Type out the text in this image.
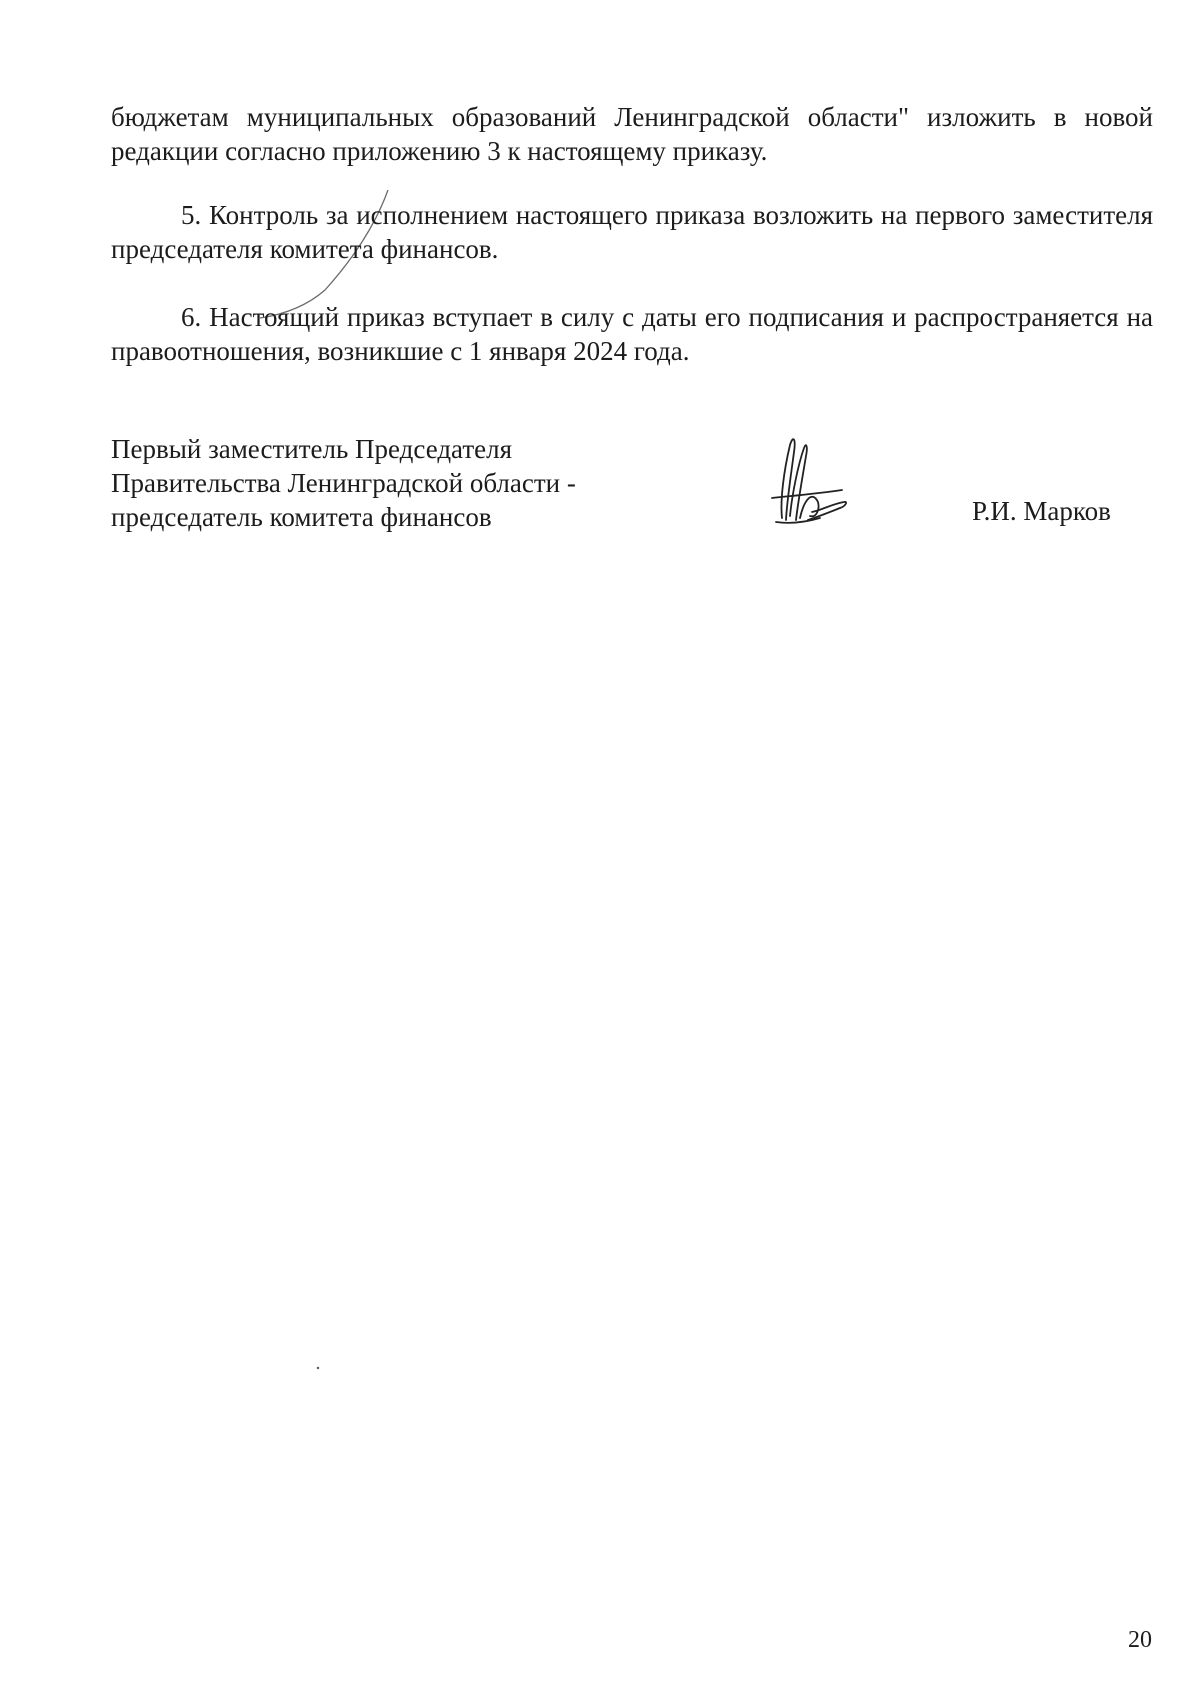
бюджетам муниципальных образований Ленинградской области" изложить в новой редакции согласно приложению 3 к настоящему приказу.
5. Контроль за исполнением настоящего приказа возложить на первого заместителя председателя комитета финансов.
6. Настоящий приказ вступает в силу с даты его подписания и распространяется на правоотношения, возникшие с 1 января 2024 года.
Первый заместитель Председателя
Правительства Ленинградской области -
председатель комитета финансов	Р.И. Марков
20
